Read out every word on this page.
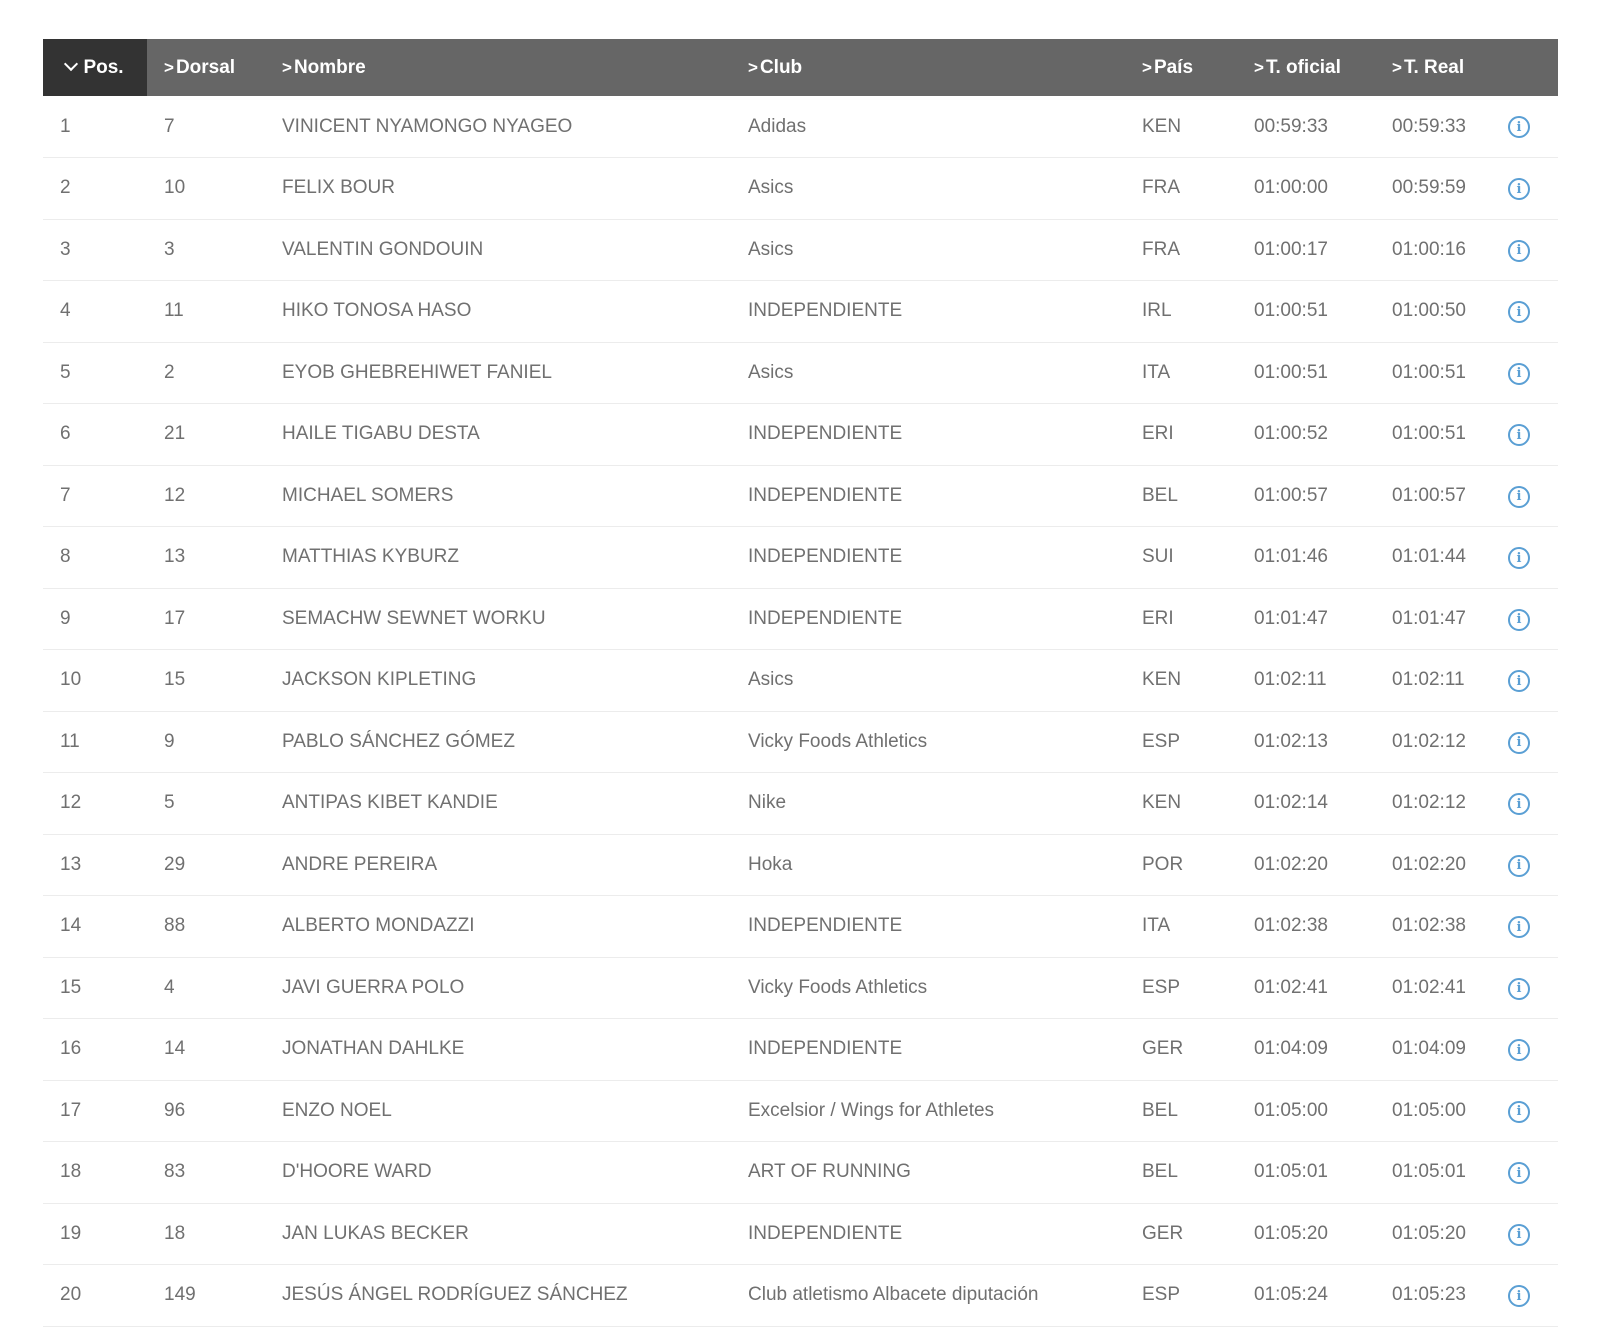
Pos.	> Dorsal	> Nombre	> Club	> País	> T. oficial	> T. Real	
1	7	VINICENT NYAMONGO NYAGEO	Adidas	KEN	00:59:33	00:59:33	i
2	10	FELIX BOUR	Asics	FRA	01:00:00	00:59:59	i
3	3	VALENTIN GONDOUIN	Asics	FRA	01:00:17	01:00:16	i
4	11	HIKO TONOSA HASO	INDEPENDIENTE	IRL	01:00:51	01:00:50	i
5	2	EYOB GHEBREHIWET FANIEL	Asics	ITA	01:00:51	01:00:51	i
6	21	HAILE TIGABU DESTA	INDEPENDIENTE	ERI	01:00:52	01:00:51	i
7	12	MICHAEL SOMERS	INDEPENDIENTE	BEL	01:00:57	01:00:57	i
8	13	MATTHIAS KYBURZ	INDEPENDIENTE	SUI	01:01:46	01:01:44	i
9	17	SEMACHW SEWNET WORKU	INDEPENDIENTE	ERI	01:01:47	01:01:47	i
10	15	JACKSON KIPLETING	Asics	KEN	01:02:11	01:02:11	i
11	9	PABLO SÁNCHEZ GÓMEZ	Vicky Foods Athletics	ESP	01:02:13	01:02:12	i
12	5	ANTIPAS KIBET KANDIE	Nike	KEN	01:02:14	01:02:12	i
13	29	ANDRE PEREIRA	Hoka	POR	01:02:20	01:02:20	i
14	88	ALBERTO MONDAZZI	INDEPENDIENTE	ITA	01:02:38	01:02:38	i
15	4	JAVI GUERRA POLO	Vicky Foods Athletics	ESP	01:02:41	01:02:41	i
16	14	JONATHAN DAHLKE	INDEPENDIENTE	GER	01:04:09	01:04:09	i
17	96	ENZO NOEL	Excelsior / Wings for Athletes	BEL	01:05:00	01:05:00	i
18	83	D'HOORE WARD	ART OF RUNNING	BEL	01:05:01	01:05:01	i
19	18	JAN LUKAS BECKER	INDEPENDIENTE	GER	01:05:20	01:05:20	i
20	149	JESÚS ÁNGEL RODRÍGUEZ SÁNCHEZ	Club atletismo Albacete diputación	ESP	01:05:24	01:05:23	i
